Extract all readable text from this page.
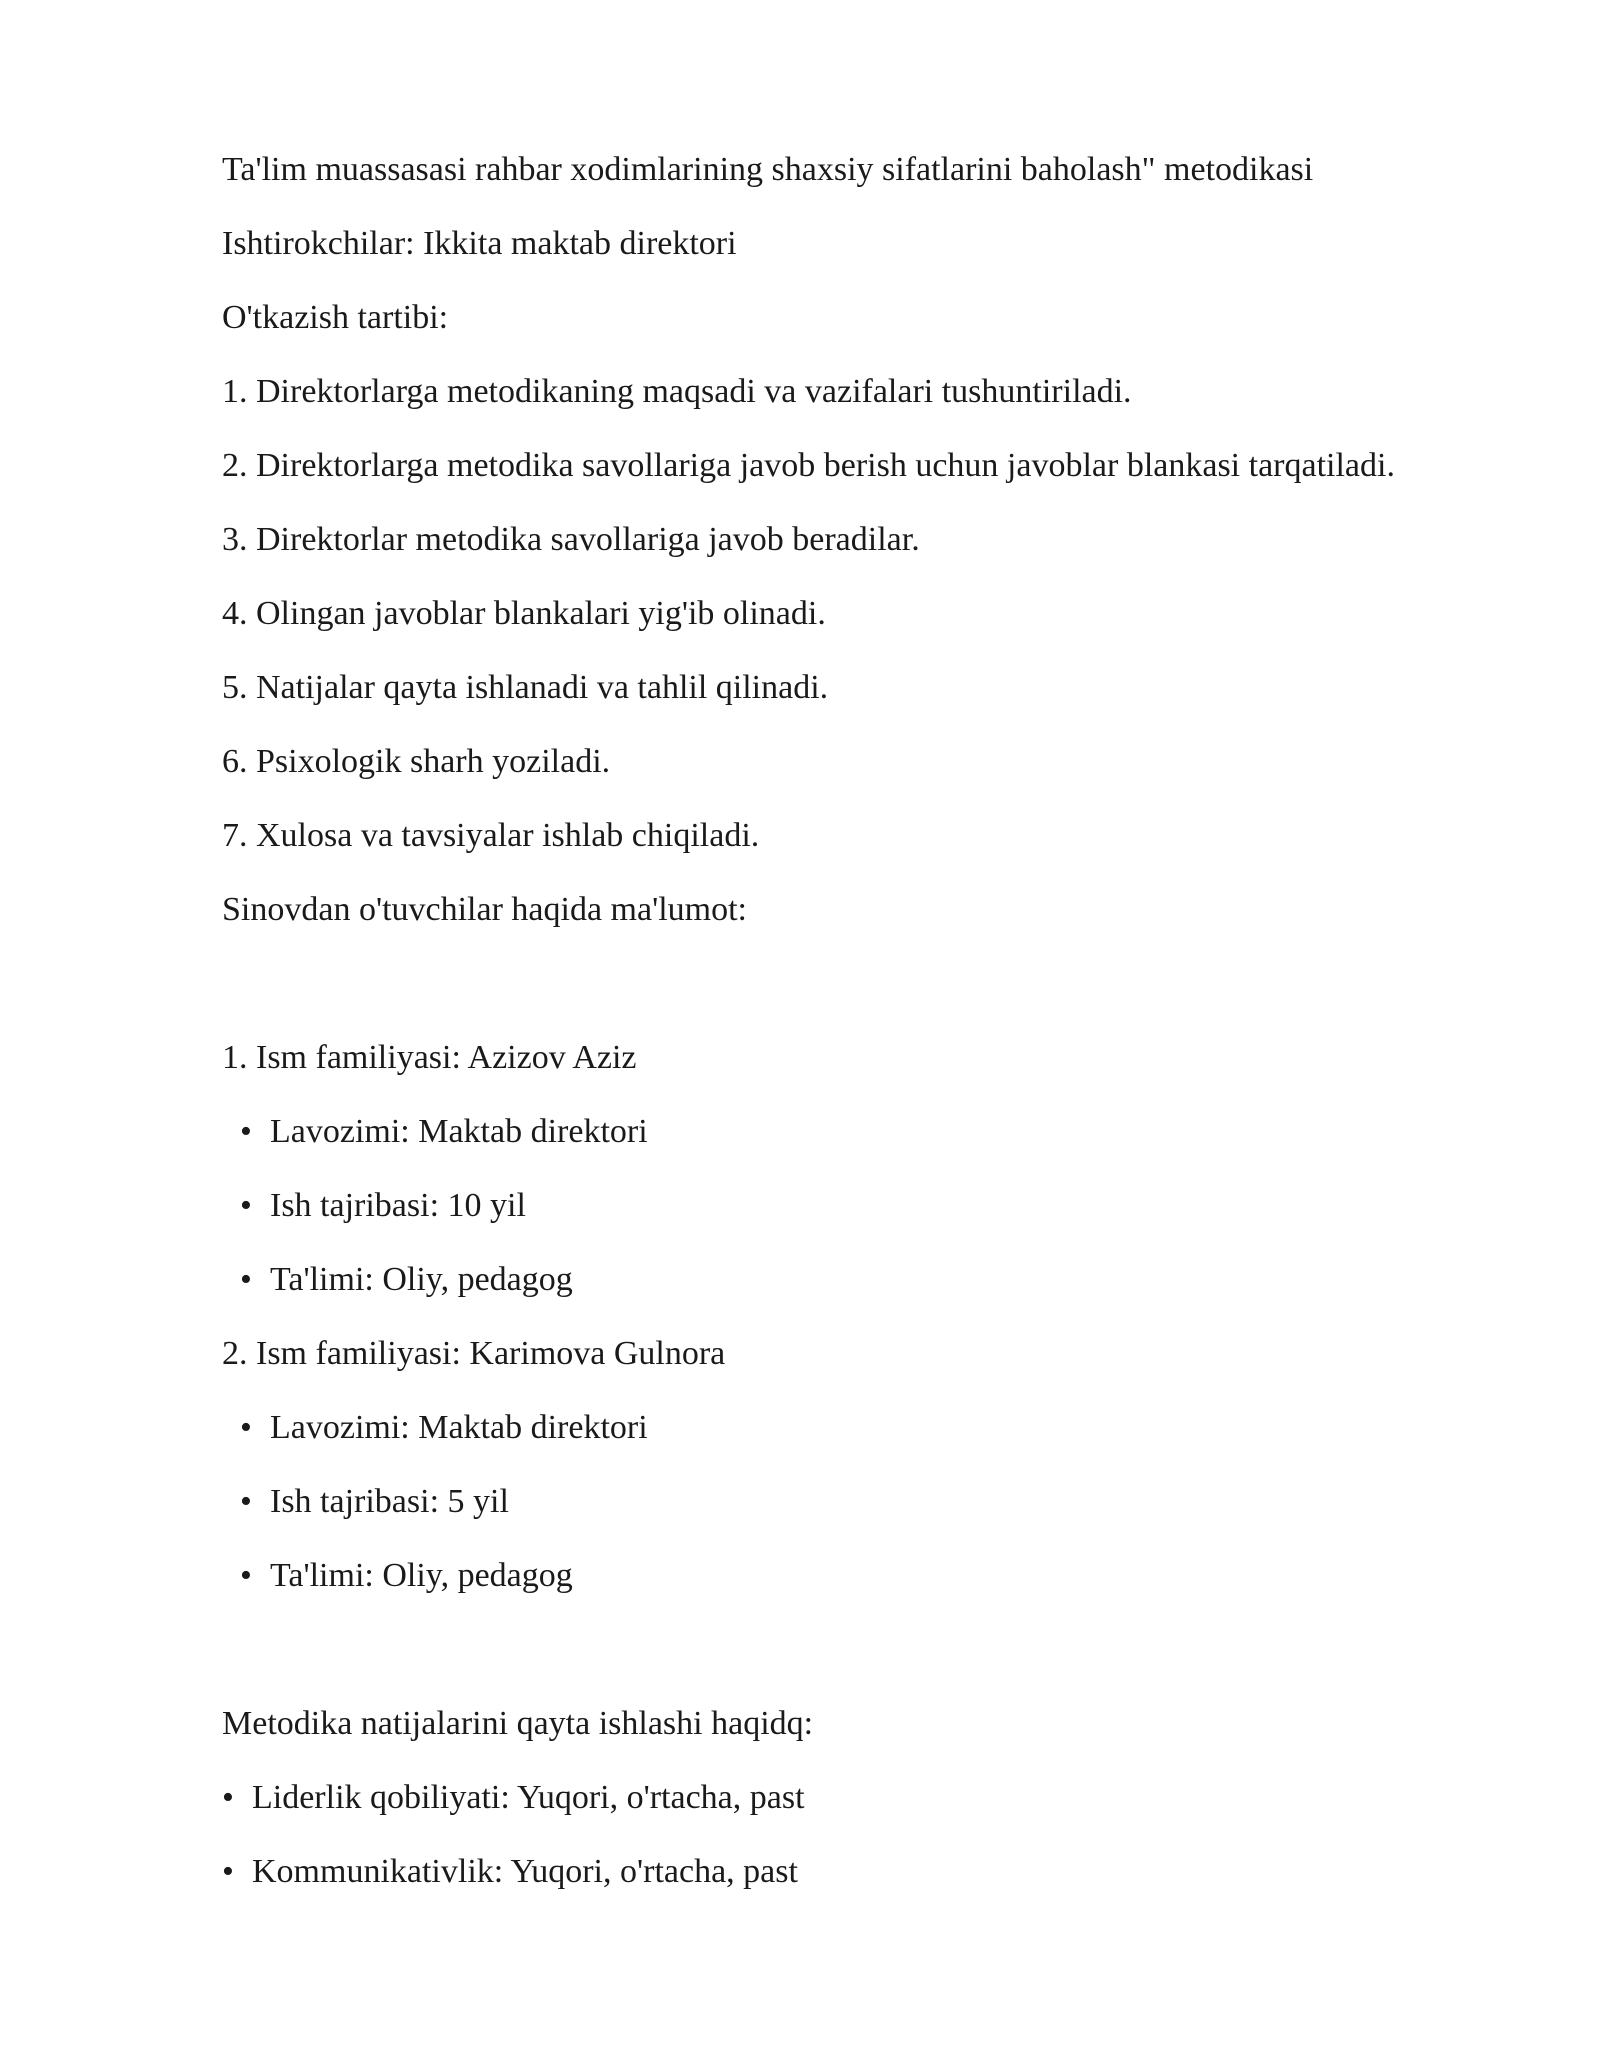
Ta'lim muassasasi rahbar xodimlarining shaxsiy sifatlarini baholash" metodikasi
Ishtirokchilar: Ikkita maktab direktori
O'tkazish tartibi:
1. Direktorlarga metodikaning maqsadi va vazifalari tushuntiriladi.
2. Direktorlarga metodika savollariga javob berish uchun javoblar blankasi tarqatiladi.
3. Direktorlar metodika savollariga javob beradilar.
4. Olingan javoblar blankalari yig'ib olinadi.
5. Natijalar qayta ishlanadi va tahlil qilinadi.
6. Psixologik sharh yoziladi.
7. Xulosa va tavsiyalar ishlab chiqiladi.
Sinovdan o'tuvchilar haqida ma'lumot:
1. Ism familiyasi: Azizov Aziz
• Lavozimi: Maktab direktori
• Ish tajribasi: 10 yil
• Ta'limi: Oliy, pedagog
2. Ism familiyasi: Karimova Gulnora
• Lavozimi: Maktab direktori
• Ish tajribasi: 5 yil
• Ta'limi: Oliy, pedagog
Metodika natijalarini qayta ishlashi haqidq:
• Liderlik qobiliyati: Yuqori, o'rtacha, past
• Kommunikativlik: Yuqori, o'rtacha, past
